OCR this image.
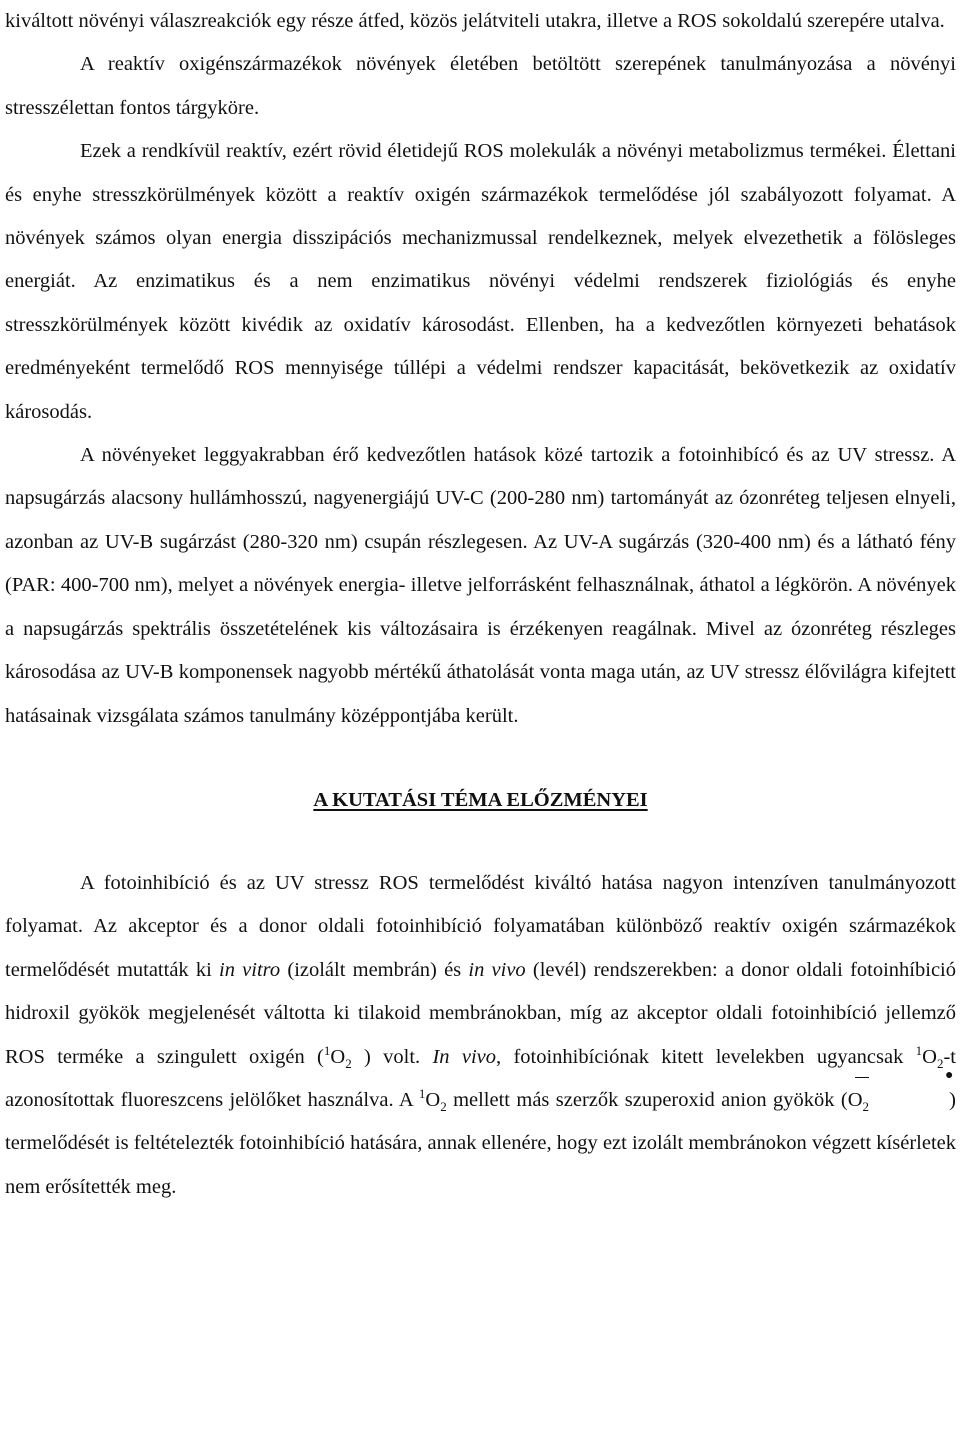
kiváltott növényi válaszreakciók egy része átfed, közös jelátviteli utakra, illetve a ROS sokoldalú szerepére utalva.

A reaktív oxigénszármazékok növények életében betöltött szerepének tanulmányozása a növényi stresszélettan fontos tárgyköre.

Ezek a rendkívül reaktív, ezért rövid életidejű ROS molekulák a növényi metabolizmus termékei. Élettani és enyhe stresszkörülmények között a reaktív oxigén származékok termelődése jól szabályozott folyamat. A növények számos olyan energia disszipációs mechanizmussal rendelkeznek, melyek elvezethetik a fölösleges energiát. Az enzimatikus és a nem enzimatikus növényi védelmi rendszerek fiziológiás és enyhe stresszkörülmények között kivédik az oxidatív károsodást. Ellenben, ha a kedvezőtlen környezeti behatások eredményeként termelődő ROS mennyisége túllépi a védelmi rendszer kapacitását, bekövetkezik az oxidatív károsodás.

A növényeket leggyakrabban érő kedvezőtlen hatások közé tartozik a fotoinhibícó és az UV stressz. A napsugárzás alacsony hullámhosszú, nagyenergiájú UV-C (200-280 nm) tartományát az ózonréteg teljesen elnyeli, azonban az UV-B sugárzást (280-320 nm) csupán részlegesen. Az UV-A sugárzás (320-400 nm) és a látható fény (PAR: 400-700 nm), melyet a növények energia- illetve jelforrásként felhasználnak, áthatol a légkörön. A növények a napsugárzás spektrális összetételének kis változásaira is érzékenyen reagálnak. Mivel az ózonréteg részleges károsodása az UV-B komponensek nagyobb mértékű áthatolását vonta maga után, az UV stressz élővilágra kifejtett hatásainak vizsgálata számos tanulmány középpontjába került.

A KUTATÁSI TÉMA ELŐZMÉNYEI

A fotoinhibíció és az UV stressz ROS termelődést kiváltó hatása nagyon intenzíven tanulmányozott folyamat. Az akceptor és a donor oldali fotoinhibíció folyamatában különböző reaktív oxigén származékok termelődését mutatták ki in vitro (izolált membrán) és in vivo (levél) rendszerekben: a donor oldali fotoinhíbició hidroxil gyökök megjelenését váltotta ki tilakoid membránokban, míg az akceptor oldali fotoinhibíció jellemző ROS terméke a szingulett oxigén ($^1O_2$ ) volt. In vivo, fotoinhibíciónak kitett levelekben ugyancsak $^1O_2-t$ azonosítottak fluoreszcens jelölőket használva. A $^1O_2$ mellett más szerzők szuperoxid anion gyökök ($O_2$
●
) termelődését is feltételezték fotoinhibíció hatására, annak ellenére, hogy ezt izolált membránokon végzett kísérletek nem erősítették meg.
